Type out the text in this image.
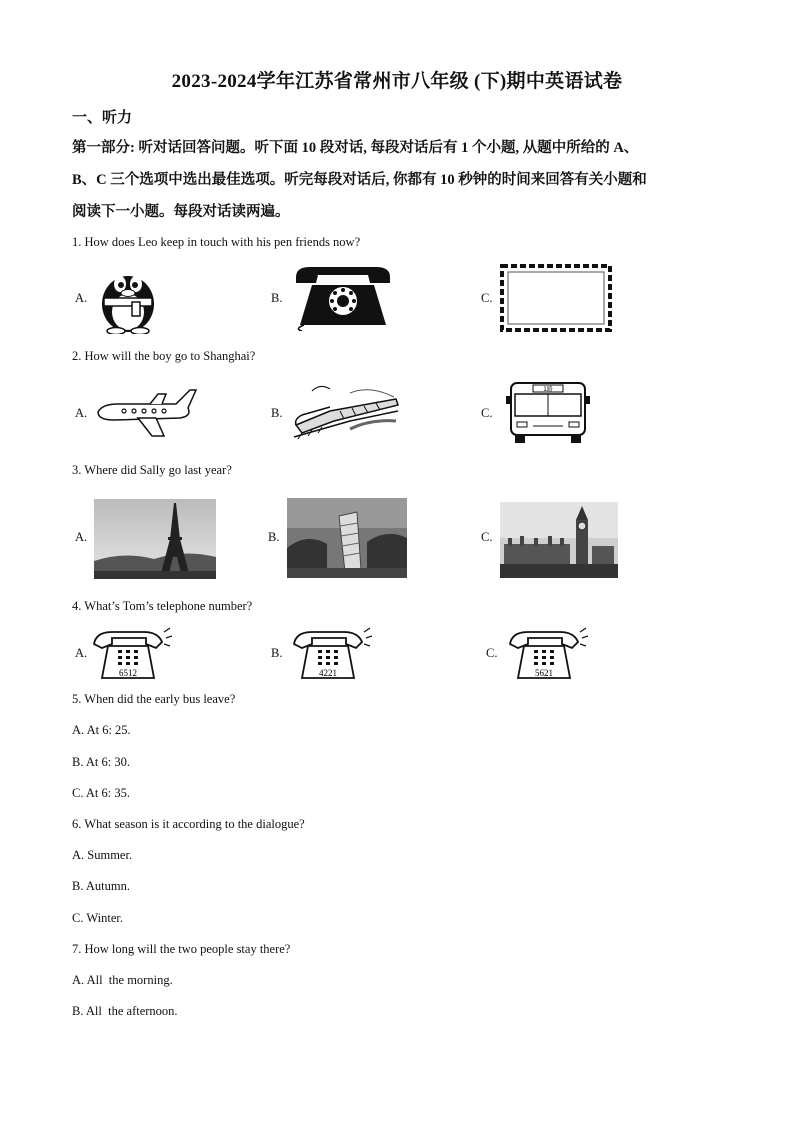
2023-2024学年江苏省常州市八年级 (下)期中英语试卷
一、听力
第一部分: 听对话回答问题。听下面 10 段对话, 每段对话后有 1 个小题, 从题中所给的 A、
B、C 三个选项中选出最佳选项。听完每段对话后, 你都有 10 秒钟的时间来回答有关小题和
阅读下一小题。每段对话读两遍。
1. How does Leo keep in touch with his pen friends now?
A.	B.	C.
2. How will the boy go to Shanghai?
A.	B.	C.
1路
3. Where did Sally go last year?
A.	B.	C.
4. What’s Tom’s telephone number?
A.
6512
B.
4221
C.
5621
5. When did the early bus leave?
A. At 6: 25.
B. At 6: 30.
C. At 6: 35.
6. What season is it according to the dialogue?
A. Summer.
B. Autumn.
C. Winter.
7. How long will the two people stay there?
A. All  the morning.
B. All  the afternoon.
